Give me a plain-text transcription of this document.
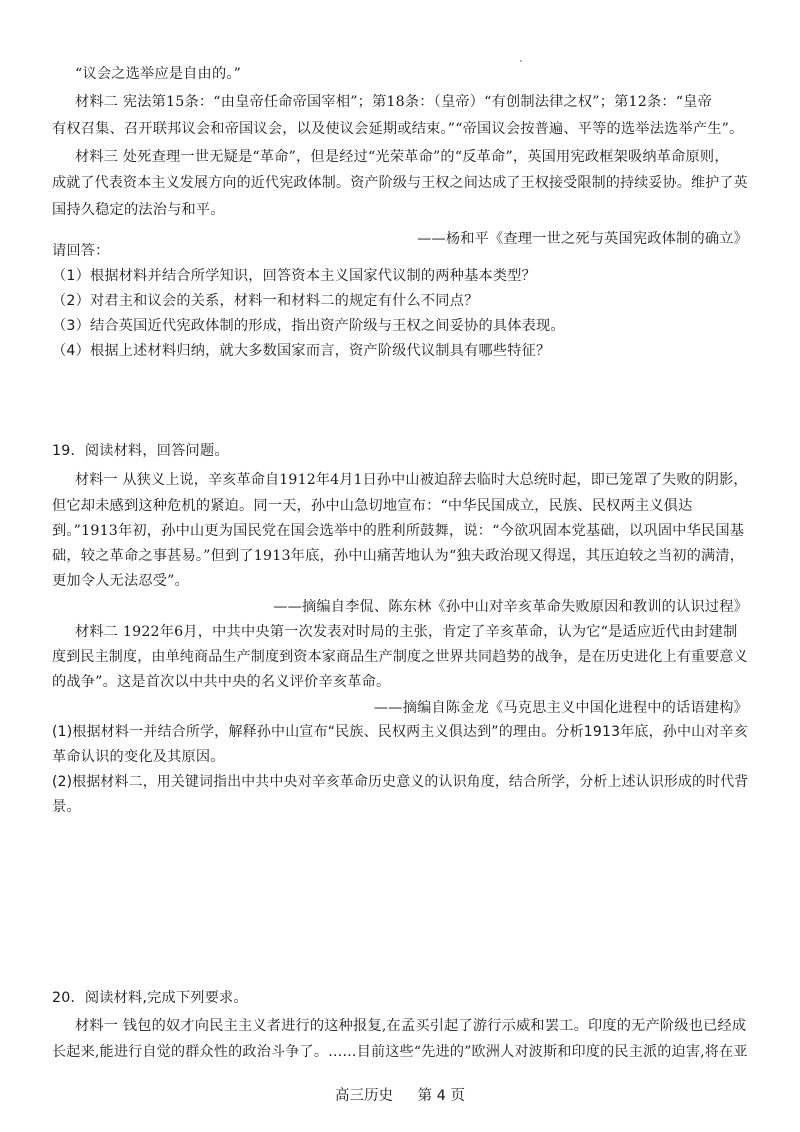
“议会之选举应是自由的。”
材料二 宪法第15条：“由皇帝任命帝国宰相”；第18条：（皇帝）“有创制法律之权”；第12条：“皇帝
有权召集、召开联邦议会和帝国议会，以及使议会延期或结束。”“帝国议会按普遍、平等的选举法选举产生”。
材料三 处死查理一世无疑是“革命”，但是经过“光荣革命”的“反革命”，英国用宪政框架吸纳革命原则，
成就了代表资本主义发展方向的近代宪政体制。资产阶级与王权之间达成了王权接受限制的持续妥协。维护了英
国持久稳定的法治与和平。
——杨和平《查理一世之死与英国宪政体制的确立》
请回答：
（1）根据材料并结合所学知识，回答资本主义国家代议制的两种基本类型？
（2）对君主和议会的关系，材料一和材料二的规定有什么不同点？
（3）结合英国近代宪政体制的形成，指出资产阶级与王权之间妥协的具体表现。
（4）根据上述材料归纳，就大多数国家而言，资产阶级代议制具有哪些特征？
19．阅读材料，回答问题。
材料一 从狭义上说，辛亥革命自1912年4月1日孙中山被迫辞去临时大总统时起，即已笼罩了失败的阴影，
但它却未感到这种危机的紧迫。同一天，孙中山急切地宣布：“中华民国成立，民族、民权两主义俱达
到。”1913年初，孙中山更为国民党在国会选举中的胜利所鼓舞，说：“今欲巩固本党基础，以巩固中华民国基
础，较之革命之事甚易。”但到了1913年底，孙中山痛苦地认为“独夫政治现又得逞，其压迫较之当初的满清，
更加令人无法忍受”。
——摘编自李侃、陈东林《孙中山对辛亥革命失败原因和教训的认识过程》
材料二 1922年6月，中共中央第一次发表对时局的主张，肯定了辛亥革命，认为它“是适应近代由封建制
度到民主制度，由单纯商品生产制度到资本家商品生产制度之世界共同趋势的战争，是在历史进化上有重要意义
的战争”。这是首次以中共中央的名义评价辛亥革命。
——摘编自陈金龙《马克思主义中国化进程中的话语建构》
(1)根据材料一并结合所学，解释孙中山宣布“民族、民权两主义俱达到”的理由。分析1913年底，孙中山对辛亥
革命认识的变化及其原因。
(2)根据材料二，用关键词指出中共中央对辛亥革命历史意义的认识角度，结合所学，分析上述认识形成的时代背
景。
20．阅读材料,完成下列要求。
材料一 钱包的奴才向民主主义者进行的这种报复,在孟买引起了游行示威和罢工。印度的无产阶级也已经成
长起来,能进行自觉的群众性的政治斗争了。……目前这些“先进的”欧洲人对波斯和印度的民主派的迫害,将在亚
高三历史 第 4 页
